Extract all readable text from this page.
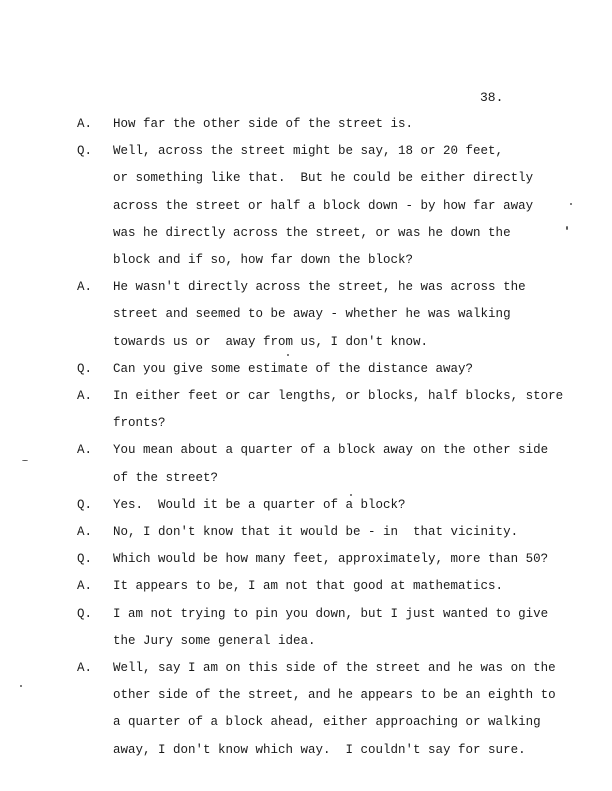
38.
A. How far the other side of the street is.
Q. Well, across the street might be say, 18 or 20 feet,
or something like that.  But he could be either directly
across the street or half a block down - by how far away
was he directly across the street, or was he down the
block and if so, how far down the block?
A. He wasn't directly across the street, he was across the
street and seemed to be away - whether he was walking
towards us or  away from us, I don't know.
Q. Can you give some estimate of the distance away?
A. In either feet or car lengths, or blocks, half blocks, store
fronts?
A. You mean about a quarter of a block away on the other side
of the street?
Q. Yes.  Would it be a quarter of a block?
A. No, I don't know that it would be - in  that vicinity.
Q. Which would be how many feet, approximately, more than 50?
A. It appears to be, I am not that good at mathematics.
Q. I am not trying to pin you down, but I just wanted to give
the Jury some general idea.
A. Well, say I am on this side of the street and he was on the
other side of the street, and he appears to be an eighth to
a quarter of a block ahead, either approaching or walking
away, I don't know which way.  I couldn't say for sure.
